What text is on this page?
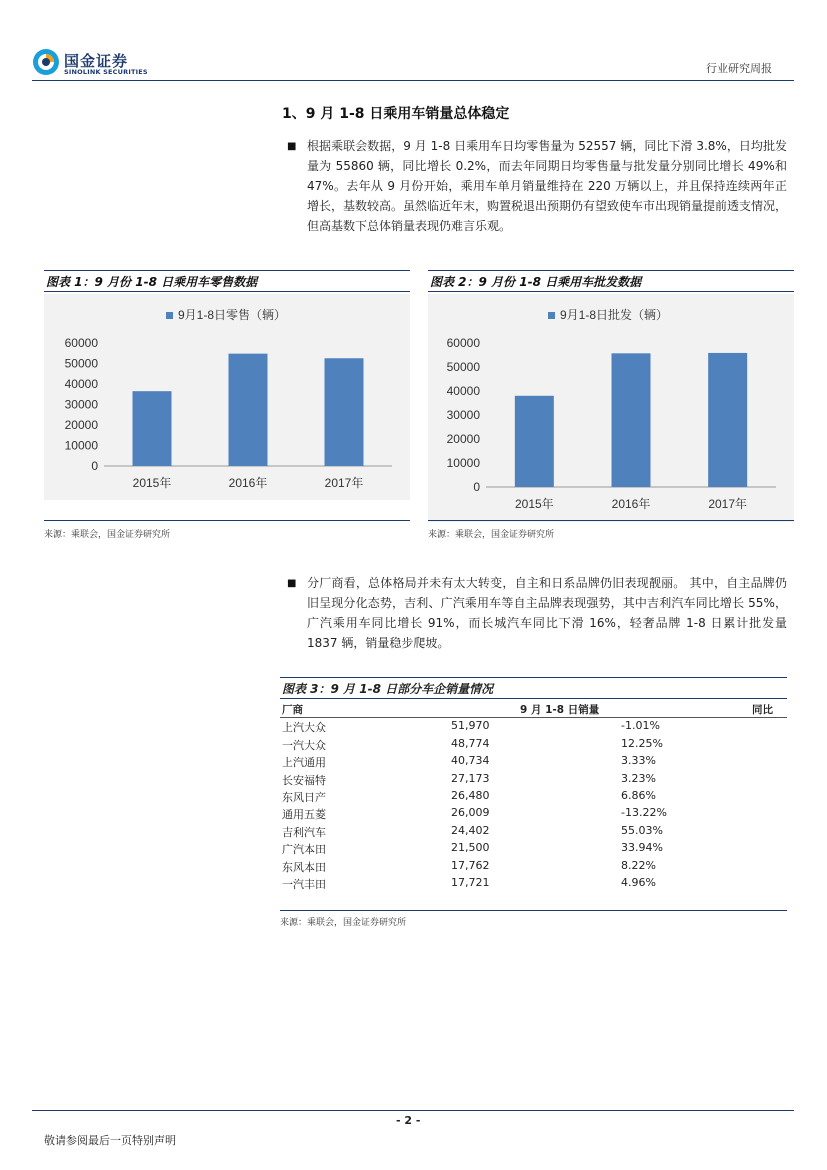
国金证券
SINOLINK SECURITIES	行业研究周报
1、9 月 1-8 日乘用车销量总体稳定
■ 根据乘联会数据，9 月 1-8 日乘用车日均零售量为 52557 辆，同比下滑 3.8%，日均批发量为 55860 辆，同比增长 0.2%，而去年同期日均零售量与批发量分别同比增长 49%和 47%。去年从 9 月份开始，乘用车单月销量维持在 220 万辆以上，并且保持连续两年正增长，基数较高。虽然临近年末，购置税退出预期仍有望致使车市出现销量提前透支情况，但高基数下总体销量表现仍难言乐观。
图表 1：9 月份 1-8 日乘用车零售数据
9月1-8日零售（辆）
0
10000
20000
30000
40000
50000
60000
2015年	2016年	2017年
来源：乘联会，国金证券研究所
图表 2：9 月份 1-8 日乘用车批发数据
9月1-8日批发（辆）
0
10000
20000
30000
40000
50000
60000
2015年	2016年	2017年
来源：乘联会，国金证券研究所
■ 分厂商看，总体格局并未有太大转变，自主和日系品牌仍旧表现靓丽。 其中，自主品牌仍旧呈现分化态势，吉利、广汽乘用车等自主品牌表现强势，其中吉利汽车同比增长 55%，广汽乘用车同比增长 91%，而长城汽车同比下滑 16%，轻奢品牌 1-8 日累计批发量 1837 辆，销量稳步爬坡。
图表 3：9 月 1-8 日部分车企销量情况
厂商	9 月 1-8 日销量	同比
上汽大众	51,970	-1.01%
一汽大众	48,774	12.25%
上汽通用	40,734	3.33%
长安福特	27,173	3.23%
东风日产	26,480	6.86%
通用五菱	26,009	-13.22%
吉利汽车	24,402	55.03%
广汽本田	21,500	33.94%
东风本田	17,762	8.22%
一汽丰田	17,721	4.96%
来源：乘联会，国金证券研究所
- 2 -
敬请参阅最后一页特别声明
